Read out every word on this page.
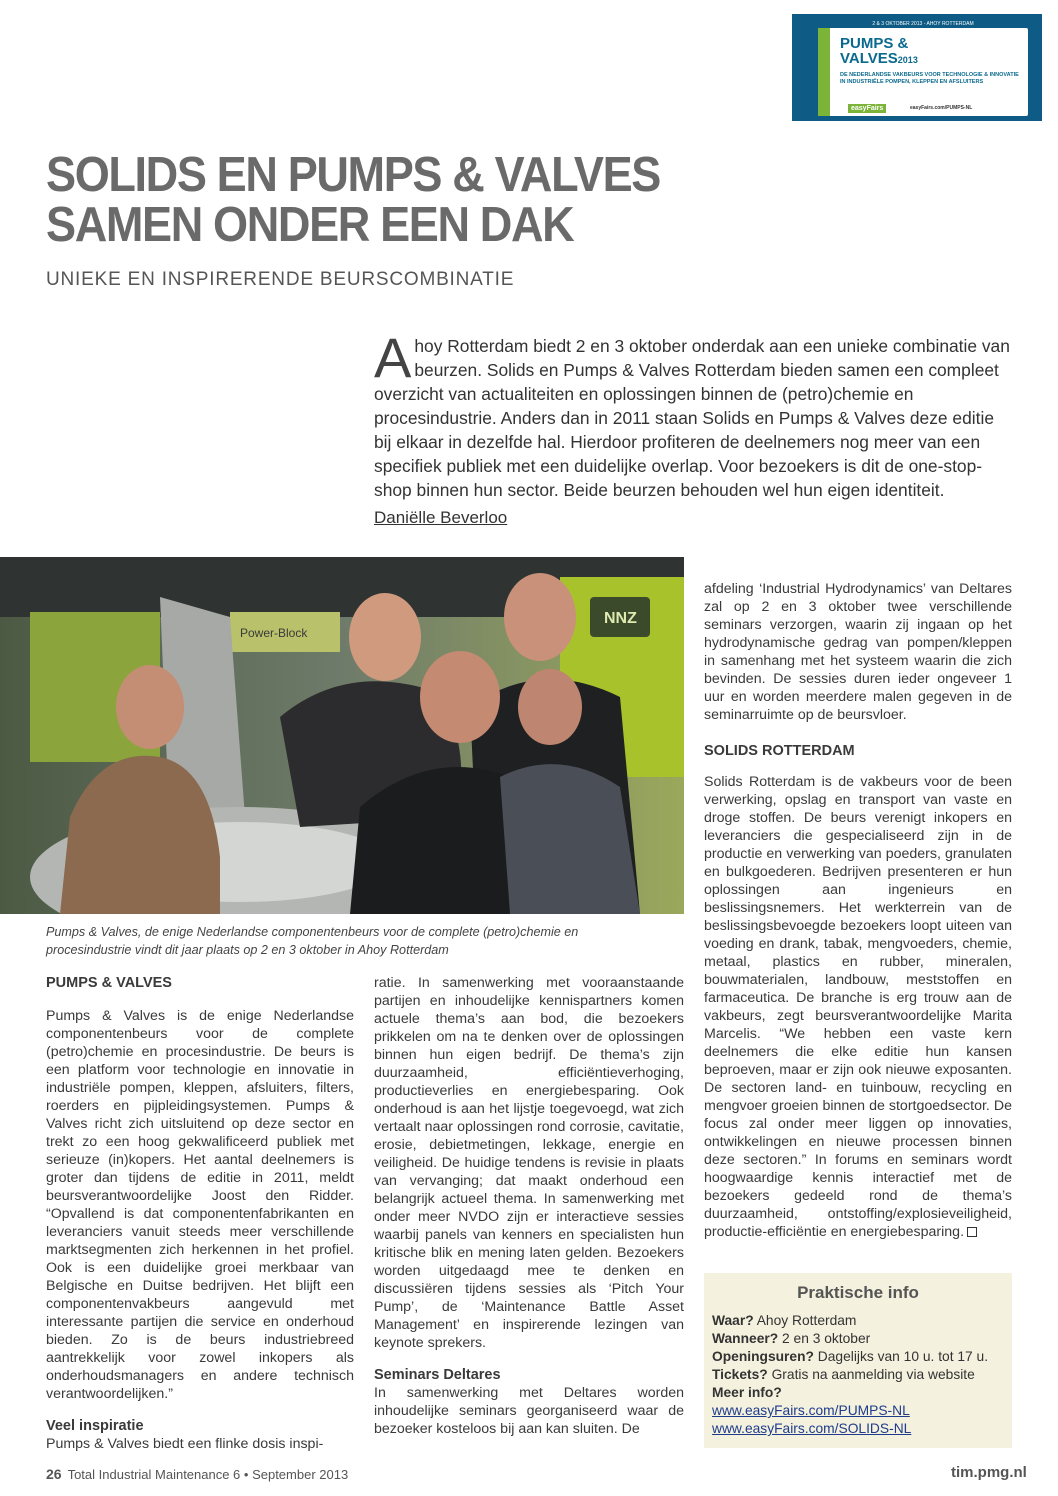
2 & 3 OKTOBER 2013 - AHOY ROTTERDAM
PUMPS &
VALVES2013
DE NEDERLANDSE VAKBEURS VOOR TECHNOLOGIE & INNOVATIE IN INDUSTRIËLE POMPEN, KLEPPEN EN AFSLUITERS
easyFairs	easyFairs.com/PUMPS-NL
SOLIDS EN PUMPS & VALVES
SAMEN ONDER EEN DAK
UNIEKE EN INSPIRERENDE BEURSCOMBINATIE
Ahoy Rotterdam biedt 2 en 3 oktober onderdak aan een unieke combinatie van beurzen. Solids en Pumps & Valves Rotterdam bieden samen een compleet overzicht van actualiteiten en oplossingen binnen de (petro)chemie en procesindustrie. Anders dan in 2011 staan Solids en Pumps & Valves deze editie bij elkaar in dezelfde hal. Hierdoor profiteren de deelnemers nog meer van een specifiek publiek met een duidelijke overlap. Voor bezoekers is dit de one-stop-shop binnen hun sector. Beide beurzen behouden wel hun eigen identiteit.
Daniëlle Beverloo
NNZ
Power-Block
Pumps & Valves, de enige Nederlandse componentenbeurs voor de complete (petro)chemie en procesindustrie vindt dit jaar plaats op 2 en 3 oktober in Ahoy Rotterdam
PUMPS & VALVES

Pumps & Valves is de enige Nederlandse componentenbeurs voor de complete (petro)chemie en procesindustrie. De beurs is een platform voor technologie en innovatie in industriële pompen, kleppen, afsluiters, filters, roerders en pijpleidingsystemen. Pumps & Valves richt zich uitsluitend op deze sector en trekt zo een hoog gekwalificeerd publiek met serieuze (in)kopers. Het aantal deelnemers is groter dan tijdens de editie in 2011, meldt beursverantwoordelijke Joost den Ridder. “Opvallend is dat componentenfabrikanten en leveranciers vanuit steeds meer verschillende marktsegmenten zich herkennen in het profiel. Ook is een duidelijke groei merkbaar van Belgische en Duitse bedrijven. Het blijft een componentenvakbeurs aangevuld met interessante partijen die service en onderhoud bieden. Zo is de beurs industriebreed aantrekkelijk voor zowel inkopers als onderhoudsmanagers en andere technisch verantwoordelijken.”

Veel inspiratie

Pumps & Valves biedt een flinke dosis inspi-

ratie. In samenwerking met vooraanstaande partijen en inhoudelijke kennispartners komen actuele thema’s aan bod, die bezoekers prikkelen om na te denken over de oplossingen binnen hun eigen bedrijf. De thema’s zijn duurzaamheid, efficiëntieverhoging, productieverlies en energiebesparing. Ook onderhoud is aan het lijstje toegevoegd, wat zich vertaalt naar oplossingen rond corrosie, cavitatie, erosie, debietmetingen, lekkage, energie en veiligheid. De huidige tendens is revisie in plaats van vervanging; dat maakt onderhoud een belangrijk actueel thema. In samenwerking met onder meer NVDO zijn er interactieve sessies waarbij panels van kenners en specialisten hun kritische blik en mening laten gelden. Bezoekers worden uitgedaagd mee te denken en discussiëren tijdens sessies als ‘Pitch Your Pump’, de ‘Maintenance Battle Asset Management’ en inspirerende lezingen van keynote sprekers.

Seminars Deltares

In samenwerking met Deltares worden inhoudelijke seminars georganiseerd waar de bezoeker kosteloos bij aan kan sluiten. De

afdeling ‘Industrial Hydrodynamics’ van Deltares zal op 2 en 3 oktober twee verschillende seminars verzorgen, waarin zij ingaan op het hydrodynamische gedrag van pompen/kleppen in samenhang met het systeem waarin die zich bevinden. De sessies duren ieder ongeveer 1 uur en worden meerdere malen gegeven in de seminarruimte op de beursvloer.

SOLIDS ROTTERDAM

Solids Rotterdam is de vakbeurs voor de been verwerking, opslag en transport van vaste en droge stoffen. De beurs verenigt inkopers en leveranciers die gespecialiseerd zijn in de productie en verwerking van poeders, granulaten en bulkgoederen. Bedrijven presenteren er hun oplossingen aan ingenieurs en beslissingsnemers. Het werkterrein van de beslissingsbevoegde bezoekers loopt uiteen van voeding en drank, tabak, mengvoeders, chemie, metaal, plastics en rubber, mineralen, bouwmaterialen, landbouw, meststoffen en farmaceutica. De branche is erg trouw aan de vakbeurs, zegt beursverantwoordelijke Marita Marcelis. “We hebben een vaste kern deelnemers die elke editie hun kansen beproeven, maar er zijn ook nieuwe exposanten. De sectoren land- en tuinbouw, recycling en mengvoer groeien binnen de stortgoedsector. De focus zal onder meer liggen op innovaties, ontwikkelingen en nieuwe processen binnen deze sectoren.” In forums en seminars wordt hoogwaardige kennis interactief met de bezoekers gedeeld rond de thema’s duurzaamheid, ontstoffing/explosieveiligheid, productie-efficiëntie en energiebesparing.

Praktische info
Waar? Ahoy Rotterdam
Wanneer? 2 en 3 oktober
Openingsuren? Dagelijks van 10 u. tot 17 u.
Tickets? Gratis na aanmelding via website
Meer info?
www.easyFairs.com/PUMPS-NL
www.easyFairs.com/SOLIDS-NL
26 Total Industrial Maintenance 6 • September 2013	tim.pmg.nl
